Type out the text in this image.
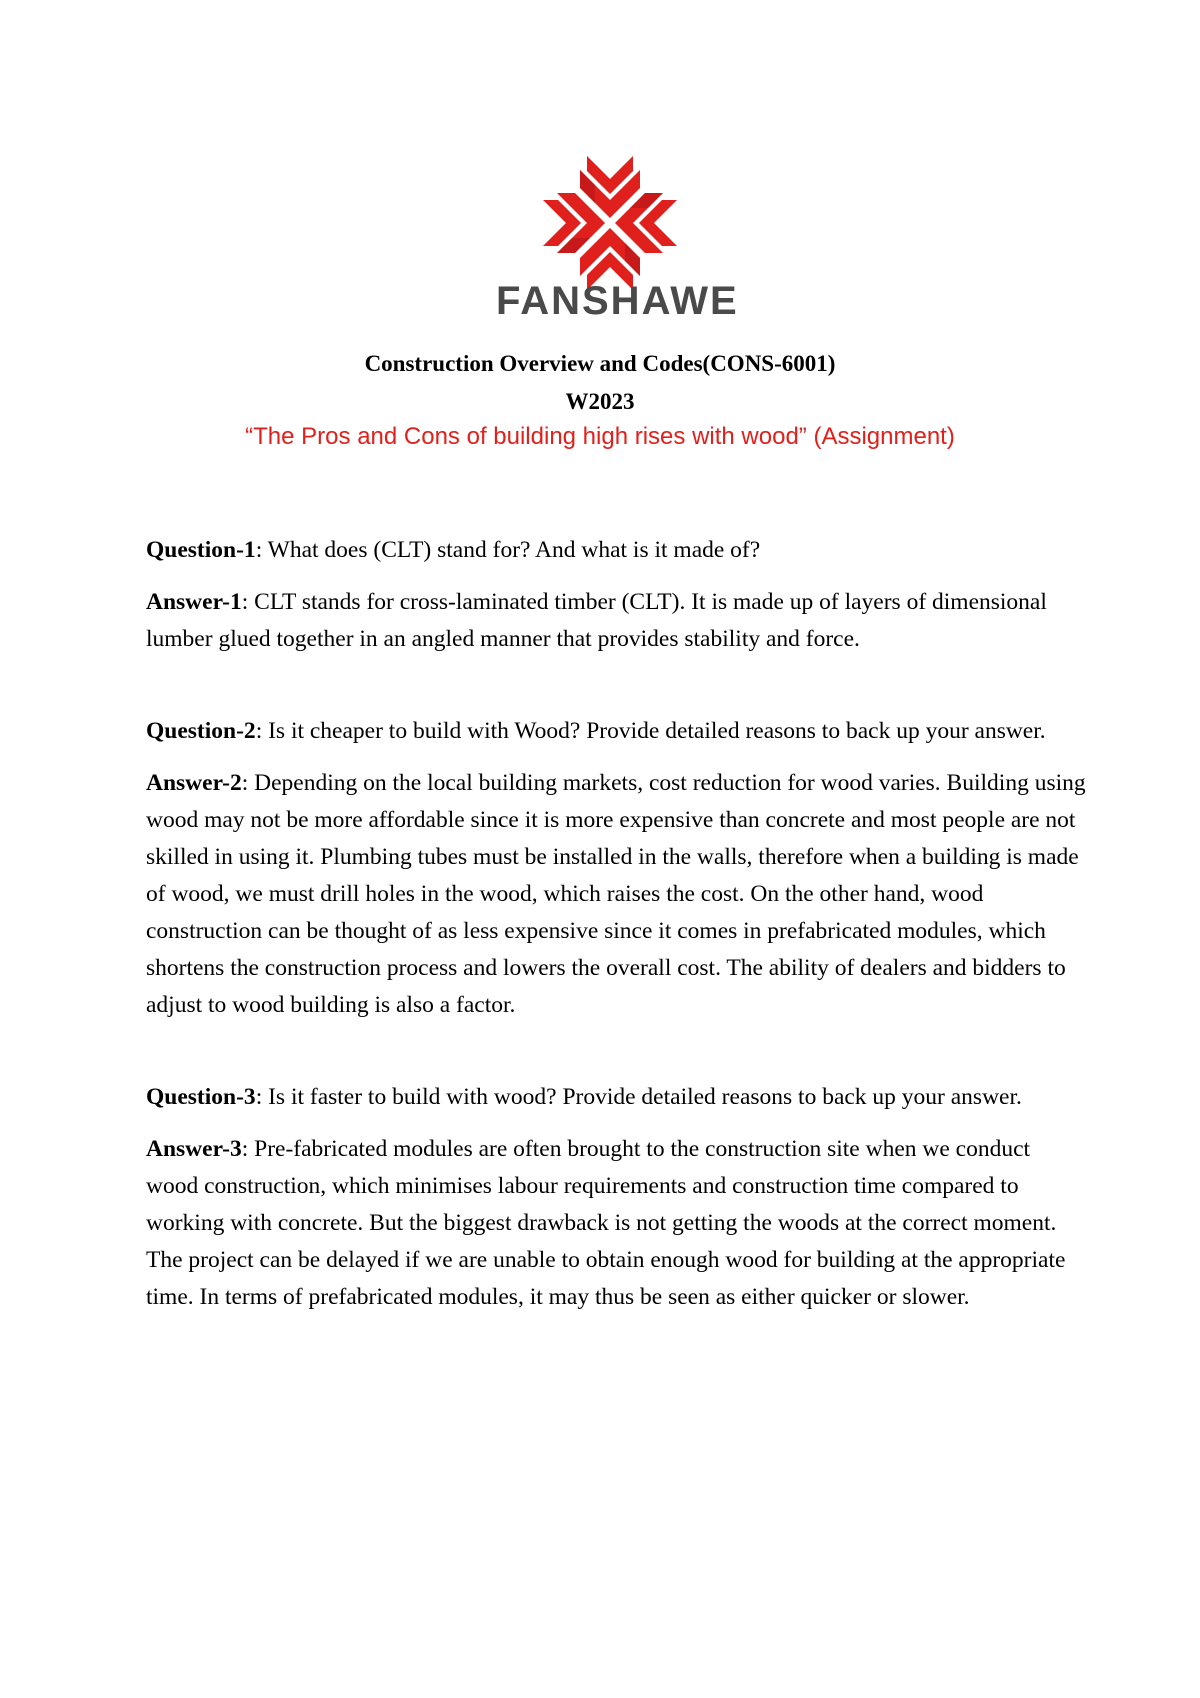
FANSHAWE
Construction Overview and Codes(CONS-6001)
W2023
“The Pros and Cons of building high rises with wood” (Assignment)

Question-1: What does (CLT) stand for? And what is it made of?

Answer-1: CLT stands for cross-laminated timber (CLT). It is made up of layers of dimensional lumber glued together in an angled manner that provides stability and force.

Question-2: Is it cheaper to build with Wood? Provide detailed reasons to back up your answer.

Answer-2: Depending on the local building markets, cost reduction for wood varies. Building using wood may not be more affordable since it is more expensive than concrete and most people are not skilled in using it. Plumbing tubes must be installed in the walls, therefore when a building is made of wood, we must drill holes in the wood, which raises the cost. On the other hand, wood construction can be thought of as less expensive since it comes in prefabricated modules, which shortens the construction process and lowers the overall cost. The ability of dealers and bidders to adjust to wood building is also a factor.

Question-3: Is it faster to build with wood? Provide detailed reasons to back up your answer.

Answer-3: Pre-fabricated modules are often brought to the construction site when we conduct wood construction, which minimises labour requirements and construction time compared to working with concrete. But the biggest drawback is not getting the woods at the correct moment. The project can be delayed if we are unable to obtain enough wood for building at the appropriate time. In terms of prefabricated modules, it may thus be seen as either quicker or slower.
